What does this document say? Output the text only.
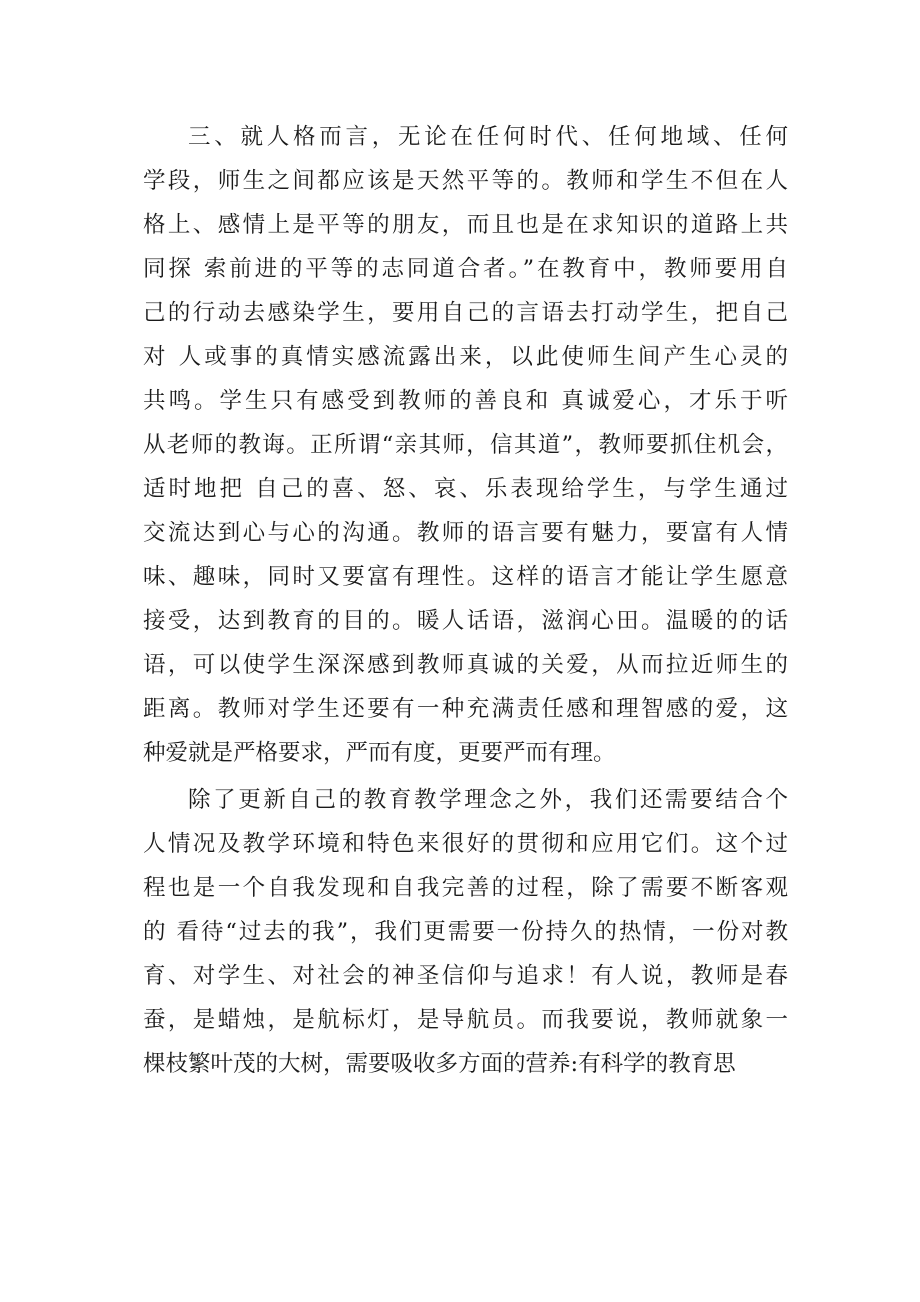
三、就人格而言，无论在任何时代、任何地域、任何
学段，师生之间都应该是天然平等的。教师和学生不但在人
格上、感情上是平等的朋友，而且也是在求知识的道路上共
同探 索前进的平等的志同道合者。”在教育中，教师要用自
己的行动去感染学生，要用自己的言语去打动学生，把自己
对 人或事的真情实感流露出来，以此使师生间产生心灵的
共鸣。学生只有感受到教师的善良和 真诚爱心，才乐于听
从老师的教诲。正所谓“亲其师，信其道”，教师要抓住机会，
适时地把 自己的喜、怒、哀、乐表现给学生，与学生通过
交流达到心与心的沟通。教师的语言要有魅力，要富有人情
味、趣味，同时又要富有理性。这样的语言才能让学生愿意
接受，达到教育的目的。暖人话语，滋润心田。温暖的的话
语，可以使学生深深感到教师真诚的关爱，从而拉近师生的
距离。教师对学生还要有一种充满责任感和理智感的爱，这
种爱就是严格要求，严而有度，更要严而有理。
除了更新自己的教育教学理念之外，我们还需要结合个
人情况及教学环境和特色来很好的贯彻和应用它们。这个过
程也是一个自我发现和自我完善的过程，除了需要不断客观
的 看待“过去的我”，我们更需要一份持久的热情，一份对教
育、对学生、对社会的神圣信仰与追求！有人说，教师是春
蚕，是蜡烛，是航标灯，是导航员。而我要说，教师就象一
棵枝繁叶茂的大树，需要吸收多方面的营养:有科学的教育思
